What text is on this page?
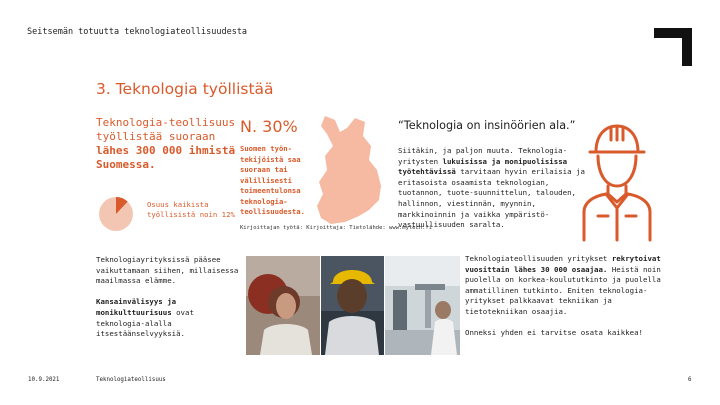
Seitsemän totuutta teknologiateollisuudesta
3. Teknologia työllistää
Teknologia-teollisuus työllistää suoraan lähes 300 000 ihmistä Suomessa.
Osuus kaikista työllisistä noin 12%
N. 30%
Suomen työn-tekijöistä saa suoraan tai välillisesti toimeentulonsa teknologia-teollisuudesta.
Kirjoittajan työtä: Kirjoittaja: Tietolähde: www.mytech.fi
“Teknologia on insinöörien ala.”
Siitäkin, ja paljon muuta. Teknologia-yritysten lukuisissa ja monipuolisissa työtehtävissä tarvitaan hyvin erilaisia ja eritasoista osaamista teknologian, tuotannon, tuote-suunnittelun, talouden, hallinnon, viestinnän, myynnin, markkinoinnin ja vaikka ympäristö-vastuullisuuden saralta.

Teknologiayrityksissä pääsee vaikuttamaan siihen, millaisessa maailmassa elämme.

Kansainvälisyys ja monikulttuurisuus ovat teknologia-alalla itsestäänselvyyksiä.

Teknologiateollisuuden yritykset rekrytoivat vuosittain lähes 30 000 osaajaa. Heistä noin puolella on korkea-koulututkinto ja puolella ammatillinen tutkinto. Eniten teknologia-yritykset palkkaavat tekniikan ja tietotekniikan osaajia.

Onneksi yhden ei tarvitse osata kaikkea!

10.9.2021	Teknologiateollisuus	6
